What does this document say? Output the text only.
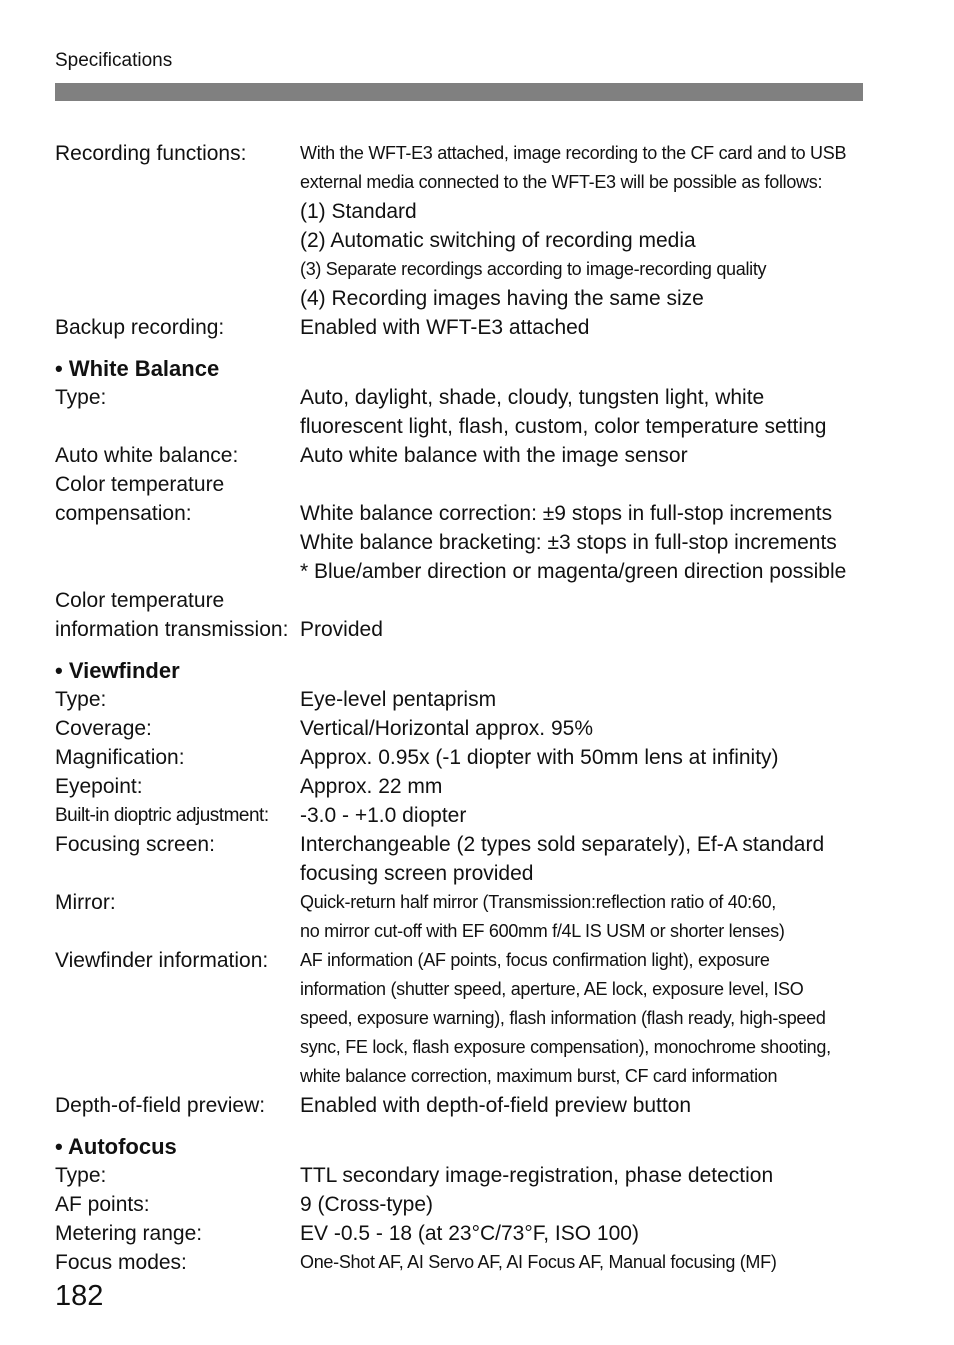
Specifications
Recording functions:	With the WFT-E3 attached, image recording to the CF card and to USB
external media connected to the WFT-E3 will be possible as follows:
(1) Standard
(2) Automatic switching of recording media
(3) Separate recordings according to image-recording quality
(4) Recording images having the same size
Backup recording:	Enabled with WFT-E3 attached
• White Balance
Type:	Auto, daylight, shade, cloudy, tungsten light, white
fluorescent light, flash, custom, color temperature setting
Auto white balance:	Auto white balance with the image sensor
Color temperature
compensation:	White balance correction: ±9 stops in full-stop increments
White balance bracketing: ±3 stops in full-stop increments
* Blue/amber direction or magenta/green direction possible
Color temperature
information transmission: Provided
• Viewfinder
Type:	Eye-level pentaprism
Coverage:	Vertical/Horizontal approx. 95%
Magnification:	Approx. 0.95x (-1 diopter with 50mm lens at infinity)
Eyepoint:	Approx. 22 mm
Built-in dioptric adjustment:	-3.0 - +1.0 diopter
Focusing screen:	Interchangeable (2 types sold separately), Ef-A standard
focusing screen provided
Mirror:	Quick-return half mirror (Transmission:reflection ratio of 40:60,
no mirror cut-off with EF 600mm f/4L IS USM or shorter lenses)
Viewfinder information:	AF information (AF points, focus confirmation light), exposure
information (shutter speed, aperture, AE lock, exposure level, ISO
speed, exposure warning), flash information (flash ready, high-speed
sync, FE lock, flash exposure compensation), monochrome shooting,
white balance correction, maximum burst, CF card information
Depth-of-field preview:	Enabled with depth-of-field preview button
• Autofocus
Type:	TTL secondary image-registration, phase detection
AF points:	9 (Cross-type)
Metering range:	EV -0.5 - 18 (at 23°C/73°F, ISO 100)
Focus modes:	One-Shot AF, AI Servo AF, AI Focus AF, Manual focusing (MF)
182
